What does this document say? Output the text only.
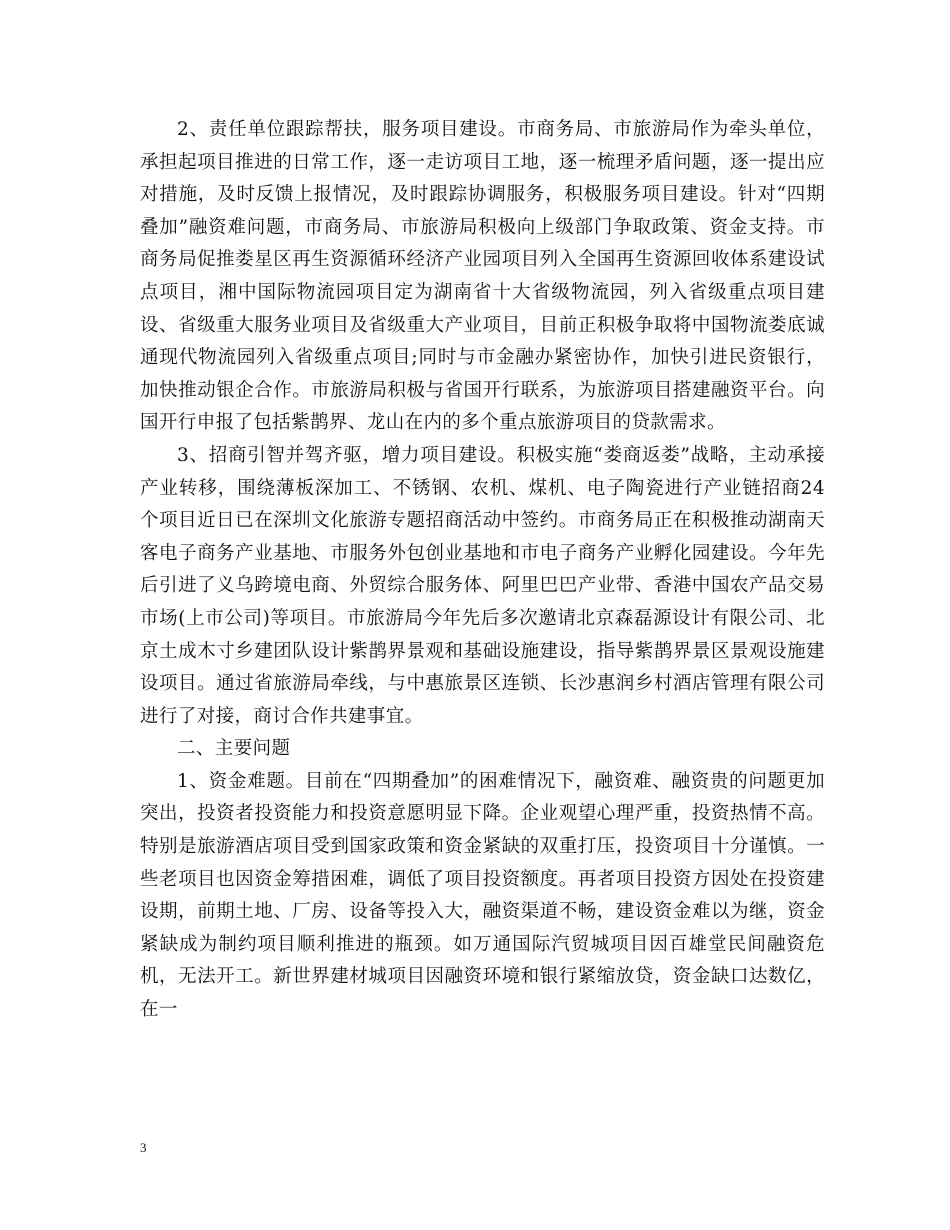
2、责任单位跟踪帮扶，服务项目建设。市商务局、市旅游局作为牵头单位，承担起项目推进的日常工作，逐一走访项目工地，逐一梳理矛盾问题，逐一提出应对措施，及时反馈上报情况，及时跟踪协调服务，积极服务项目建设。针对“四期叠加”融资难问题，市商务局、市旅游局积极向上级部门争取政策、资金支持。市商务局促推娄星区再生资源循环经济产业园项目列入全国再生资源回收体系建设试点项目，湘中国际物流园项目定为湖南省十大省级物流园，列入省级重点项目建设、省级重大服务业项目及省级重大产业项目，目前正积极争取将中国物流娄底诚通现代物流园列入省级重点项目;同时与市金融办紧密协作，加快引进民资银行，加快推动银企合作。市旅游局积极与省国开行联系，为旅游项目搭建融资平台。向国开行申报了包括紫鹊界、龙山在内的多个重点旅游项目的贷款需求。

3、招商引智并驾齐驱，增力项目建设。积极实施“娄商返娄”战略，主动承接产业转移，围绕薄板深加工、不锈钢、农机、煤机、电子陶瓷进行产业链招商24个项目近日已在深圳文化旅游专题招商活动中签约。市商务局正在积极推动湖南天客电子商务产业基地、市服务外包创业基地和市电子商务产业孵化园建设。今年先后引进了义乌跨境电商、外贸综合服务体、阿里巴巴产业带、香港中国农产品交易市场(上市公司)等项目。市旅游局今年先后多次邀请北京森磊源设计有限公司、北京土成木寸乡建团队设计紫鹊界景观和基础设施建设，指导紫鹊界景区景观设施建设项目。通过省旅游局牵线，与中惠旅景区连锁、长沙惠润乡村酒店管理有限公司进行了对接，商讨合作共建事宜。

二、主要问题

1、资金难题。目前在“四期叠加”的困难情况下，融资难、融资贵的问题更加突出，投资者投资能力和投资意愿明显下降。企业观望心理严重，投资热情不高。特别是旅游酒店项目受到国家政策和资金紧缺的双重打压，投资项目十分谨慎。一些老项目也因资金筹措困难，调低了项目投资额度。再者项目投资方因处在投资建设期，前期土地、厂房、设备等投入大，融资渠道不畅，建设资金难以为继，资金紧缺成为制约项目顺利推进的瓶颈。如万通国际汽贸城项目因百雄堂民间融资危机，无法开工。新世界建材城项目因融资环境和银行紧缩放贷，资金缺口达数亿，在一

3
